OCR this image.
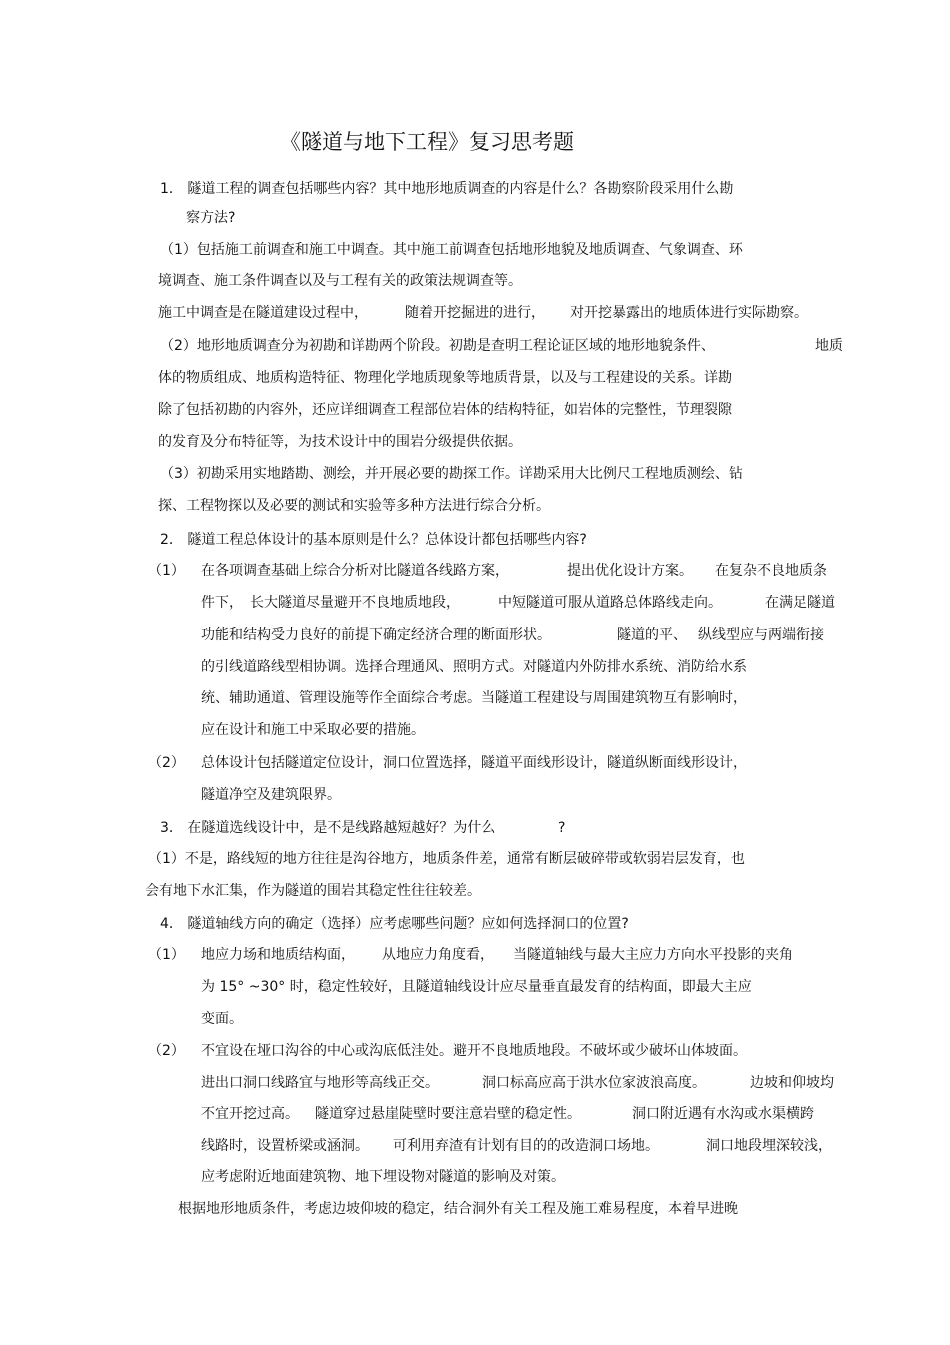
《隧道与地下工程》复习思考题
1． 隧道工程的调查包括哪些内容？其中地形地质调查的内容是什么？各勘察阶段采用什么勘
察方法?
（1）包括施工前调查和施工中调查。其中施工前调查包括地形地貌及地质调查、气象调查、环
境调查、施工条件调查以及与工程有关的政策法规调查等。
施工中调查是在隧道建设过程中，	随着开挖掘进的进行， 对开挖暴露出的地质体进行实际勘察。
（2）地形地质调查分为初勘和详勘两个阶段。初勘是查明工程论证区域的地形地貌条件、	地质
体的物质组成、地质构造特征、物理化学地质现象等地质背景，以及与工程建设的关系。详勘
除了包括初勘的内容外，还应详细调查工程部位岩体的结构特征，如岩体的完整性，节理裂隙
的发育及分布特征等，为技术设计中的围岩分级提供依据。
（3）初勘采用实地踏勘、测绘，并开展必要的勘探工作。详勘采用大比例尺工程地质测绘、钻
探、工程物探以及必要的测试和实验等多种方法进行综合分析。
2． 隧道工程总体设计的基本原则是什么？总体设计都包括哪些内容?
（1） 在各项调查基础上综合分析对比隧道各线路方案，	提出优化设计方案。 在复杂不良地质条
件下， 长大隧道尽量避开不良地质地段，	中短隧道可服从道路总体路线走向。	在满足隧道
功能和结构受力良好的前提下确定经济合理的断面形状。	隧道的平、 纵线型应与两端衔接
的引线道路线型相协调。选择合理通风、照明方式。对隧道内外防排水系统、消防给水系
统、辅助通道、管理设施等作全面综合考虑。当隧道工程建设与周围建筑物互有影响时，
应在设计和施工中采取必要的措施。
（2） 总体设计包括隧道定位设计，洞口位置选择，隧道平面线形设计，隧道纵断面线形设计，
隧道净空及建筑限界。
3． 在隧道选线设计中，是不是线路越短越好？为什么	?
（1）不是，路线短的地方往往是沟谷地方，地质条件差，通常有断层破碎带或软弱岩层发育，也
会有地下水汇集，作为隧道的围岩其稳定性往往较差。
4． 隧道轴线方向的确定（选择）应考虑哪些问题？应如何选择洞口的位置?
（1） 地应力场和地质结构面， 从地应力角度看， 当隧道轴线与最大主应力方向水平投影的夹角
为 15° ~30° 时，稳定性较好，且隧道轴线设计应尽量垂直最发育的结构面，即最大主应
变面。
（2） 不宜设在垭口沟谷的中心或沟底低洼处。避开不良地质地段。不破坏或少破坏山体坡面。
进出口洞口线路宜与地形等高线正交。	洞口标高应高于洪水位家波浪高度。	边坡和仰坡均
不宜开挖过高。 隧道穿过悬崖陡壁时要注意岩壁的稳定性。	洞口附近遇有水沟或水渠横跨
线路时，设置桥梁或涵洞。 可利用弃渣有计划有目的的改造洞口场地。	洞口地段埋深较浅，
应考虑附近地面建筑物、地下埋设物对隧道的影响及对策。
根据地形地质条件，考虑边坡仰坡的稳定，结合洞外有关工程及施工难易程度，本着早进晚
